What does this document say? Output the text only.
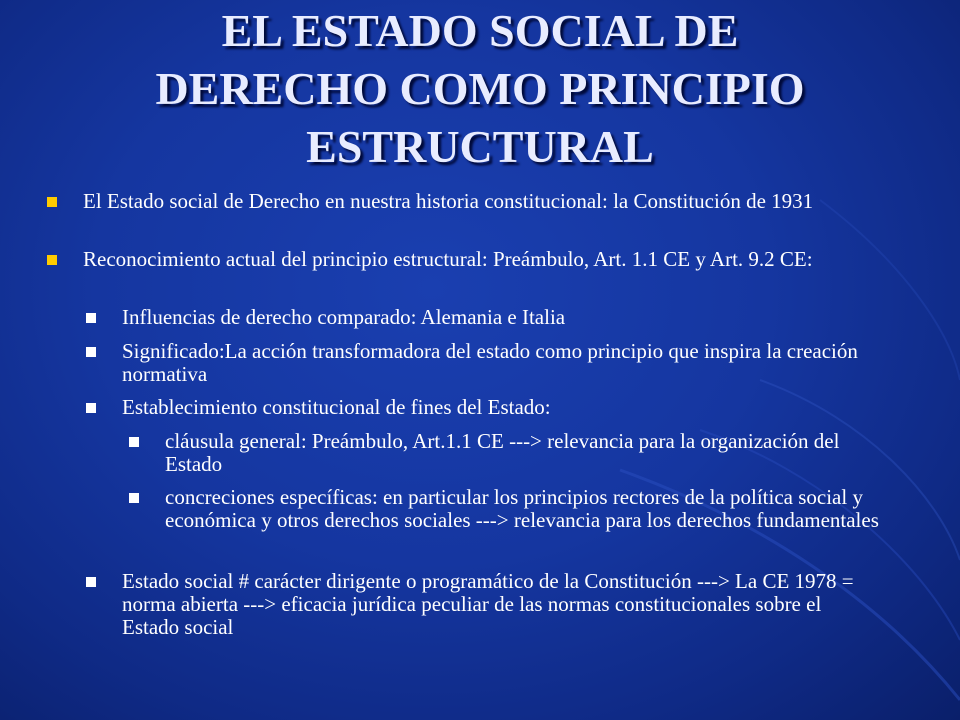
EL ESTADO SOCIAL DE
DERECHO COMO PRINCIPIO
ESTRUCTURAL
El Estado social de Derecho en nuestra historia constitucional: la Constitución de 1931
Reconocimiento actual del principio estructural: Preámbulo, Art. 1.1 CE y Art. 9.2 CE:
Influencias de derecho comparado: Alemania e Italia
Significado:La acción transformadora del estado como principio que inspira la creación normativa
Establecimiento constitucional de fines del Estado:
cláusula general: Preámbulo, Art.1.1 CE ---> relevancia para la organización del Estado
concreciones específicas: en particular los principios rectores de la política social y económica y otros derechos sociales ---> relevancia para los derechos fundamentales
Estado social # carácter dirigente o programático de la Constitución ---> La CE 1978 = norma abierta ---> eficacia jurídica peculiar de las normas constitucionales sobre el Estado social
